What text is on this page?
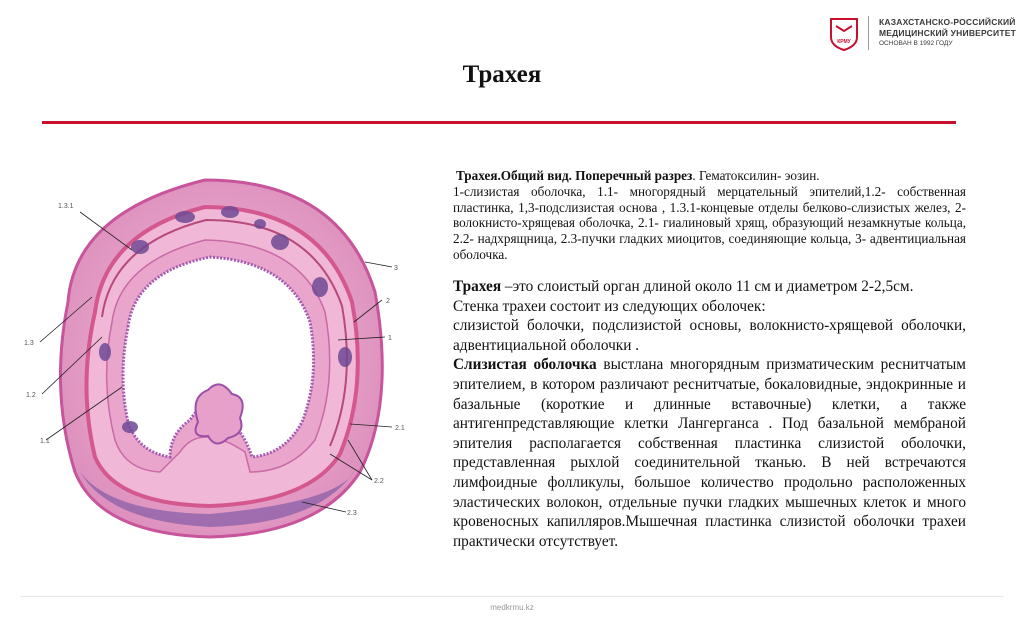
КРМУ
КАЗАХСТАНСКО-РОССИЙСКИЙ
МЕДИЦИНСКИЙ УНИВЕРСИТЕТ
ОСНОВАН В 1992 ГОДУ
Трахея
1.3.1
1.3
1.2
1.1
3
2
1
2.1
2.2
2.3

Трахея.Общий вид. Поперечный разрез. Гематоксилин- эозин.

1-слизистая оболочка, 1.1- многорядный мерцательный эпителий,1.2- собственная пластинка, 1,3-подслизистая основа , 1.3.1-концевые отделы белково-слизистых желез, 2- волокнисто-хрящевая оболочка, 2.1- гиалиновый хрящ, образующий незамкнутые кольца, 2.2- надхрящница, 2.3-пучки гладких миоцитов, соединяющие кольца, 3- адвентициальная оболочка.

Трахея –это слоистый орган длиной около 11 см и диаметром 2-2,5см.

Стенка трахеи состоит из следующих оболочек:

слизистой болочки, подслизистой основы, волокнисто-хрящевой оболочки, адвентициальной оболочки .

Слизистая оболочка выстлана многорядным призматическим реснитчатым эпителием, в котором различают реснитчатые, бокаловидные, эндокринные и базальные (короткие и длинные вставочные) клетки, а также антигенпредставляющие клетки Лангерганса . Под базальной мембраной эпителия располагается собственная пластинка слизистой оболочки, представленная рыхлой соединительной тканью. В ней встречаются лимфоидные фолликулы, большое количество продольно расположенных эластических волокон, отдельные пучки гладких мышечных клеток и много кровеносных капилляров.Мышечная пластинка слизистой оболочки трахеи практически отсутствует.

medkrmu.kz
